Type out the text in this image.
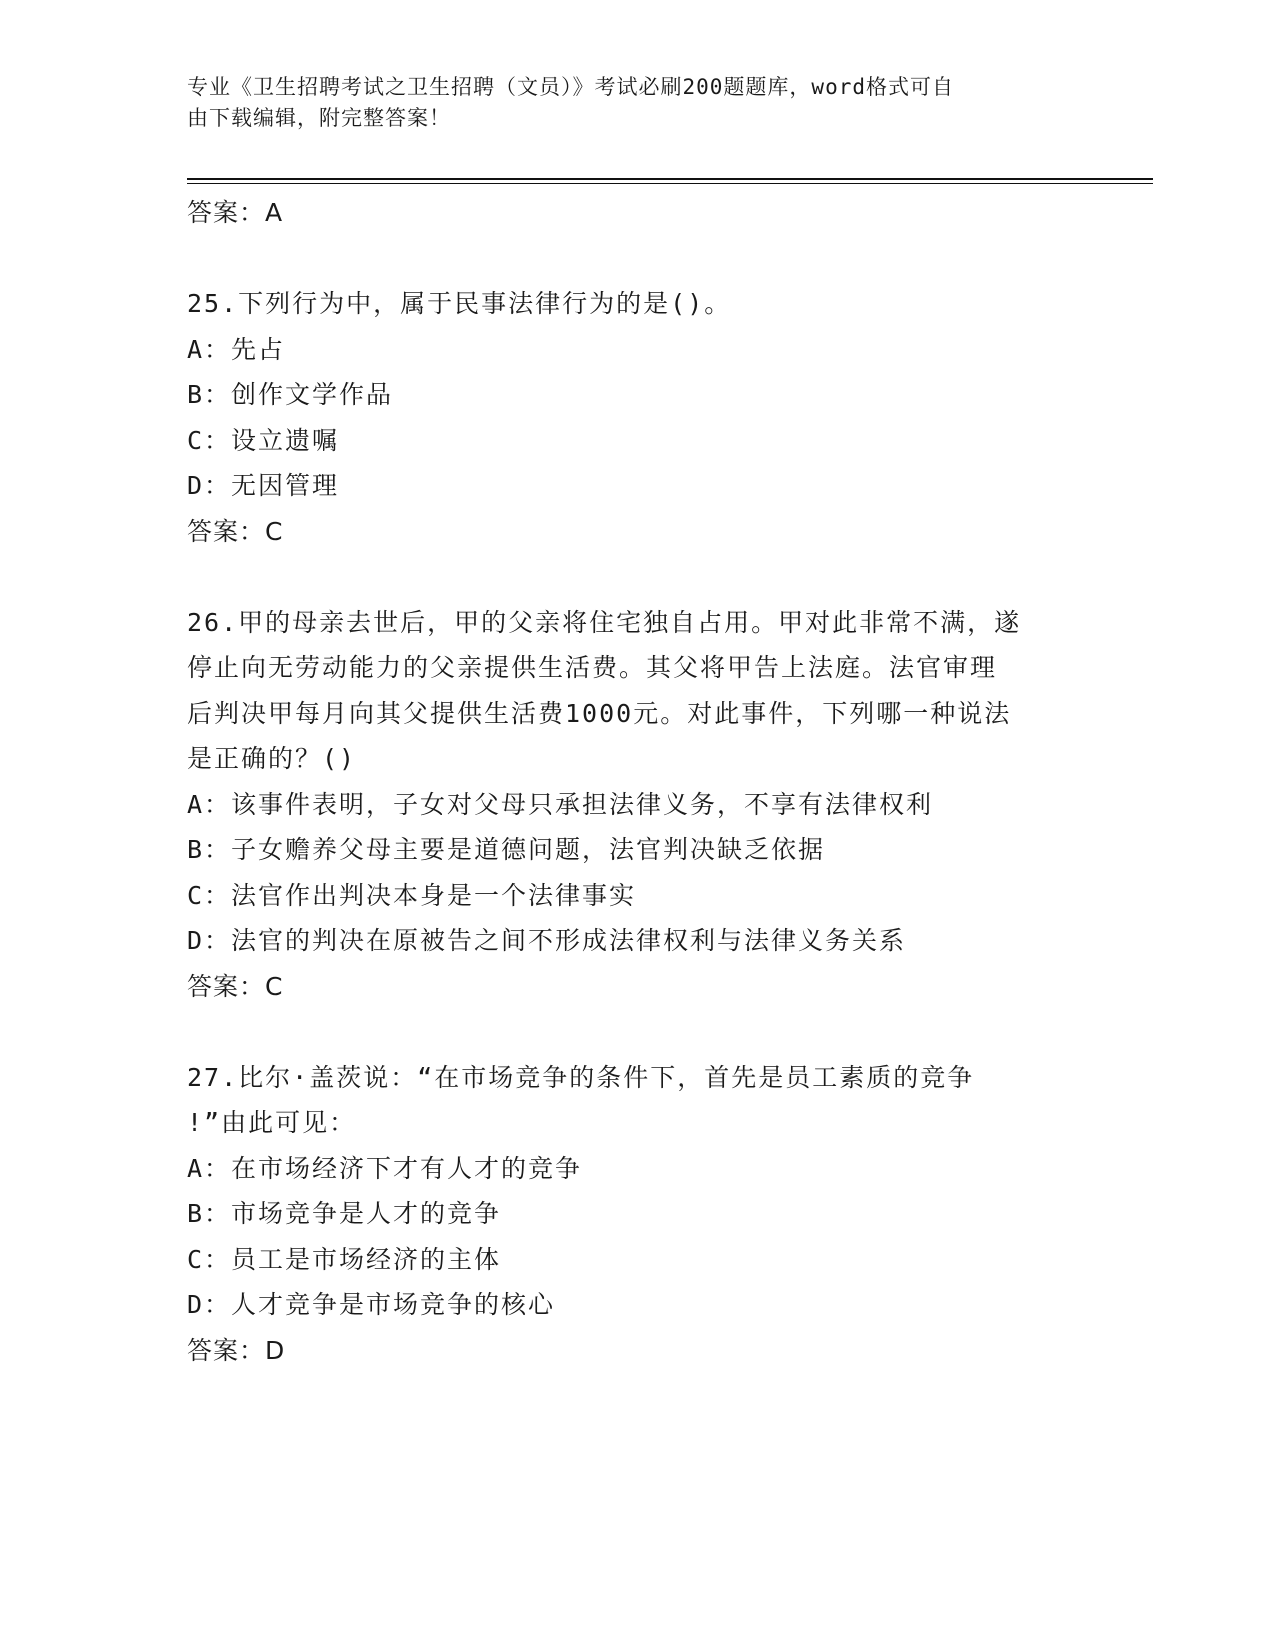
专业《卫生招聘考试之卫生招聘（文员）》考试必刷200题题库，word格式可自
由下载编辑，附完整答案！
答案：A
25.下列行为中，属于民事法律行为的是()。
A：先占
B：创作文学作品
C：设立遗嘱
D：无因管理
答案：C
26.甲的母亲去世后，甲的父亲将住宅独自占用。甲对此非常不满，遂
停止向无劳动能力的父亲提供生活费。其父将甲告上法庭。法官审理
后判决甲每月向其父提供生活费1000元。对此事件，下列哪一种说法
是正确的？()
A：该事件表明，子女对父母只承担法律义务，不享有法律权利
B：子女赡养父母主要是道德问题，法官判决缺乏依据
C：法官作出判决本身是一个法律事实
D：法官的判决在原被告之间不形成法律权利与法律义务关系
答案：C
27.比尔·盖茨说：“在市场竞争的条件下，首先是员工素质的竞争
!”由此可见：
A：在市场经济下才有人才的竞争
B：市场竞争是人才的竞争
C：员工是市场经济的主体
D：人才竞争是市场竞争的核心
答案：D
